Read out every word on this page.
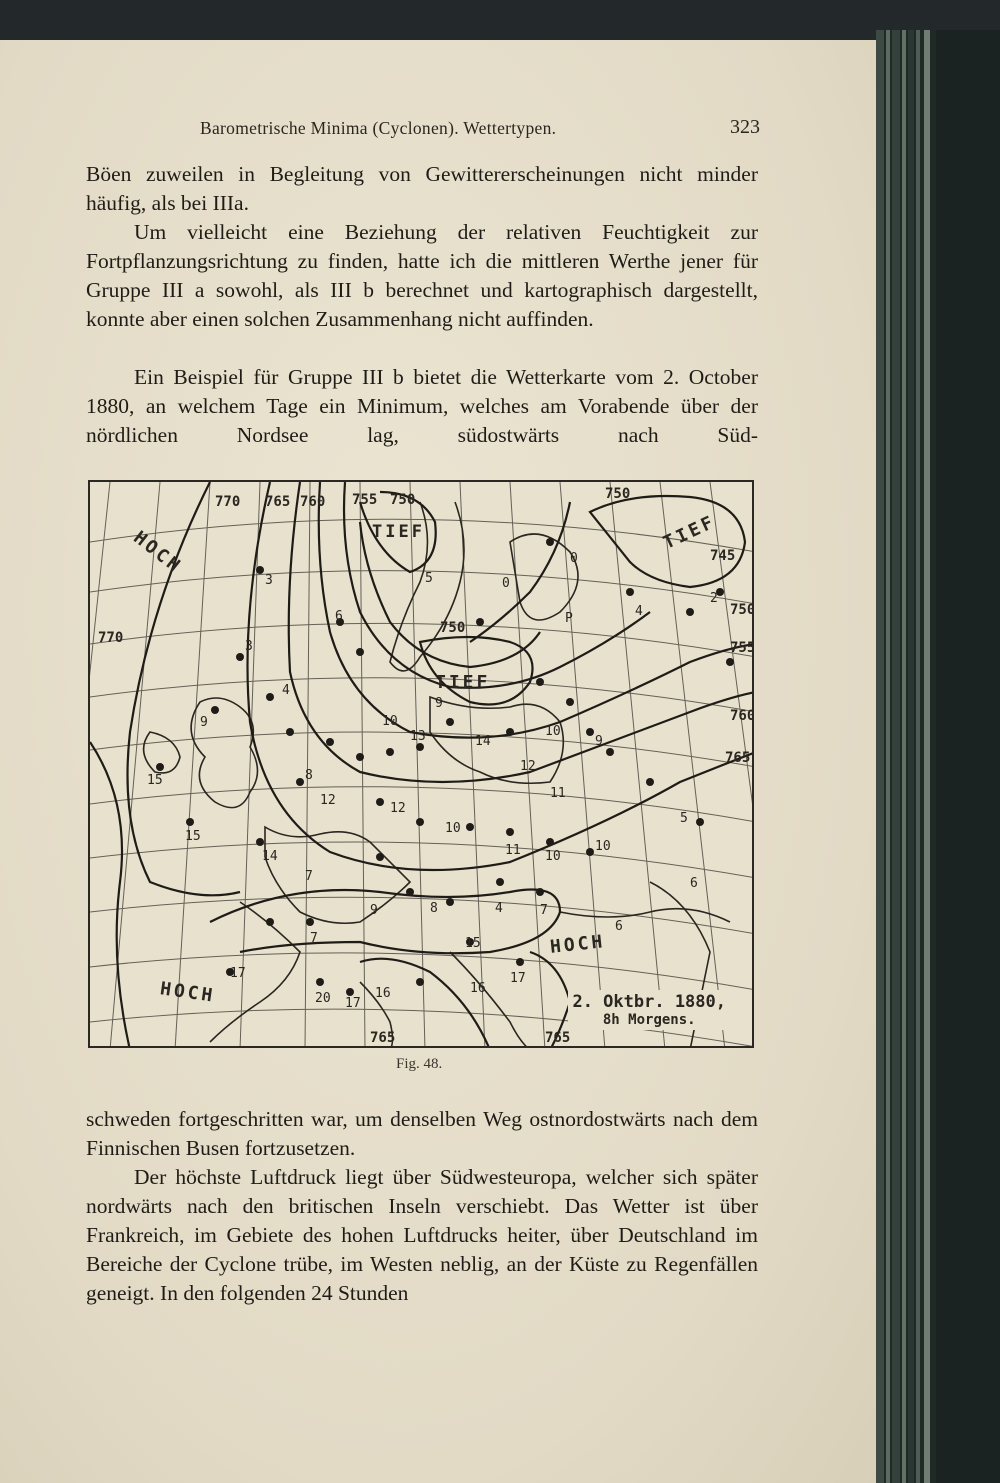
Barometrische Minima (Cyclonen). Wettertypen.	323

Böen zuweilen in Begleitung von Gewittererscheinungen nicht minder häufig, als bei IIIa.

Um vielleicht eine Beziehung der relativen Feuchtigkeit zur Fortpflanzungsrichtung zu finden, hatte ich die mittleren Werthe jener für Gruppe III a sowohl, als III b berechnet und kartographisch dargestellt, konnte aber einen solchen Zusammenhang nicht auffinden.

Ein Beispiel für Gruppe III b bietet die Wetterkarte vom 2. October 1880, an welchem Tage ein Minimum, welches am Vorabende über der nördlichen Nordsee lag, südostwärts nach Süd-

3
3
4
9
15
15
14
8
12
10
13	14
10
12
9
11
5
12
10
11 10
10
7
9	8	4	7
7
17
20 17
16
15
16
17
6
6
0
0
P	4
2
5
6
9
770 765 760 755 750	750
745
750
755
760
765
770
750
765	765
HOCH	TIEF	TIEF
TIEF
HOCH
HOCH	2. Oktbr. 1880,
8h Morgens.
Fig. 48.

schweden fortgeschritten war, um denselben Weg ostnordostwärts nach dem Finnischen Busen fortzusetzen.

Der höchste Luftdruck liegt über Südwesteuropa, welcher sich später nordwärts nach den britischen Inseln verschiebt. Das Wetter ist über Frankreich, im Gebiete des hohen Luftdrucks heiter, über Deutschland im Bereiche der Cyclone trübe, im Westen neblig, an der Küste zu Regenfällen geneigt. In den folgenden 24 Stunden
